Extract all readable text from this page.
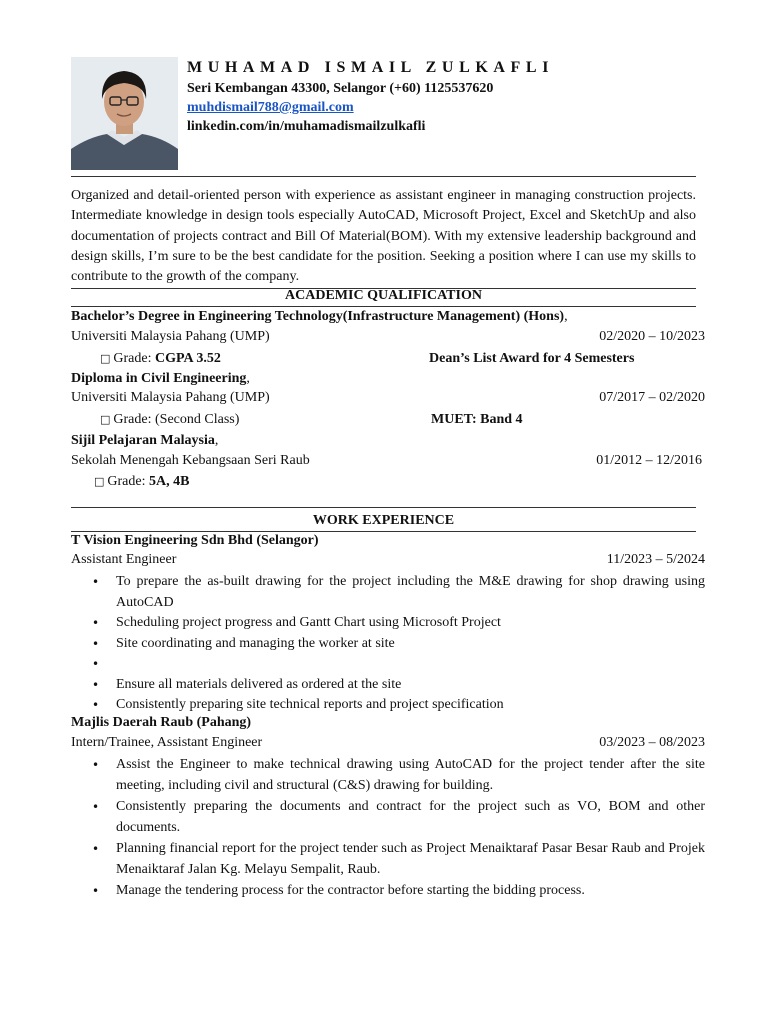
MUHAMAD ISMAIL ZULKAFLI
Seri Kembangan 43300, Selangor (+60) 1125537620
muhdismail788@gmail.com
linkedin.com/in/muhamadismailzulkafli

Organized and detail-oriented person with experience as assistant engineer in managing construction projects. Intermediate knowledge in design tools especially AutoCAD, Microsoft Project, Excel and SketchUp and also documentation of projects contract and Bill Of Material(BOM). With my extensive leadership background and design skills, I’m sure to be the best candidate for the position. Seeking a position where I can use my skills to contribute to the growth of the company.

ACADEMIC QUALIFICATION
Bachelor’s Degree in Engineering Technology(Infrastructure Management) (Hons),
Universiti Malaysia Pahang (UMP)	02/2020 – 10/2023
□ Grade: CGPA 3.52	Dean’s List Award for 4 Semesters
Diploma in Civil Engineering,
Universiti Malaysia Pahang (UMP)	07/2017 – 02/2020
□ Grade: (Second Class)	MUET: Band 4
Sijil Pelajaran Malaysia,
Sekolah Menengah Kebangsaan Seri Raub	01/2012 – 12/2016
□ Grade: 5A, 4B
WORK EXPERIENCE
T Vision Engineering Sdn Bhd (Selangor)
Assistant Engineer	11/2023 – 5/2024
• To prepare the as-built drawing for the project including the M&E drawing for shop drawing using AutoCAD
• Scheduling project progress and Gantt Chart using Microsoft Project
• Site coordinating and managing the worker at site
•
• Ensure all materials delivered as ordered at the site
• Consistently preparing site technical reports and project specification
Majlis Daerah Raub (Pahang)
Intern/Trainee, Assistant Engineer	03/2023 – 08/2023
• Assist the Engineer to make technical drawing using AutoCAD for the project tender after the site meeting, including civil and structural (C&S) drawing for building.
• Consistently preparing the documents and contract for the project such as VO, BOM and other documents.
• Planning financial report for the project tender such as Project Menaiktaraf Pasar Besar Raub and Projek Menaiktaraf Jalan Kg. Melayu Sempalit, Raub.
• Manage the tendering process for the contractor before starting the bidding process.
